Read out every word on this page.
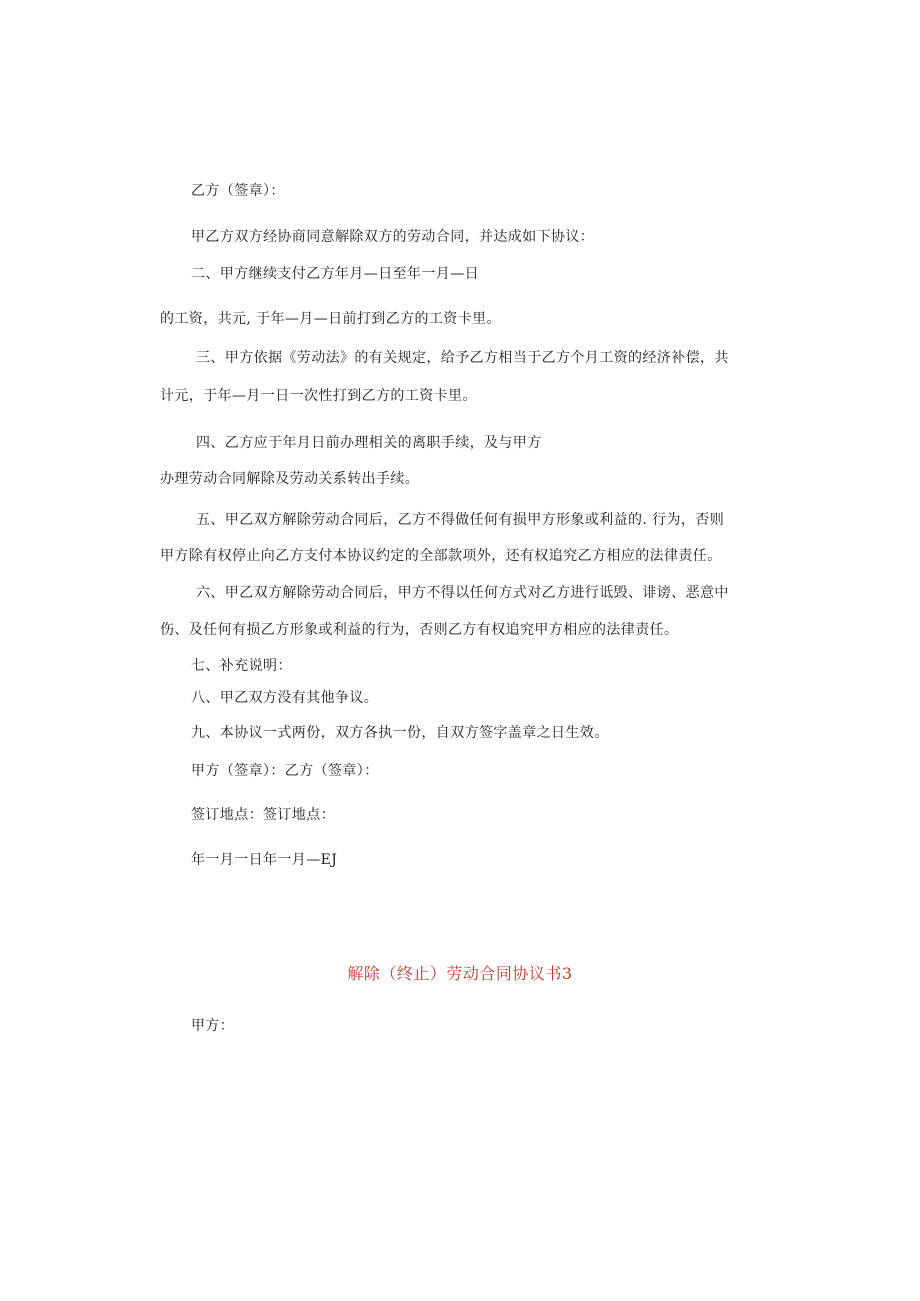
乙方（签章）：
甲乙方双方经协商同意解除双方的劳动合同，并达成如下协议：
二、甲方继续支付乙方年月—日至年一月—日
的工资，共元, 于年—月—日前打到乙方的工资卡里。
三、甲方依据《劳动法》的有关规定，给予乙方相当于乙方个月工资的经济补偿，共
计元，于年—月一日一次性打到乙方的工资卡里。
四、乙方应于年月日前办理相关的离职手续，及与甲方
办理劳动合同解除及劳动关系转出手续。
五、甲乙双方解除劳动合同后，乙方不得做任何有损甲方形象或利益的. 行为，否则
甲方除有权停止向乙方支付本协议约定的全部款项外，还有权追究乙方相应的法律责任。
六、甲乙双方解除劳动合同后，甲方不得以任何方式对乙方进行诋毁、诽谤、恶意中
伤、及任何有损乙方形象或利益的行为，否则乙方有权追究甲方相应的法律责任。
七、补充说明：
八、甲乙双方没有其他争议。
九、本协议一式两份，双方各执一份，自双方签字盖章之日生效。
甲方（签章）：乙方（签章）：
签订地点：签订地点：
年一月一日年一月—EJ
解除（终止）劳动合同协议书3
甲方：
